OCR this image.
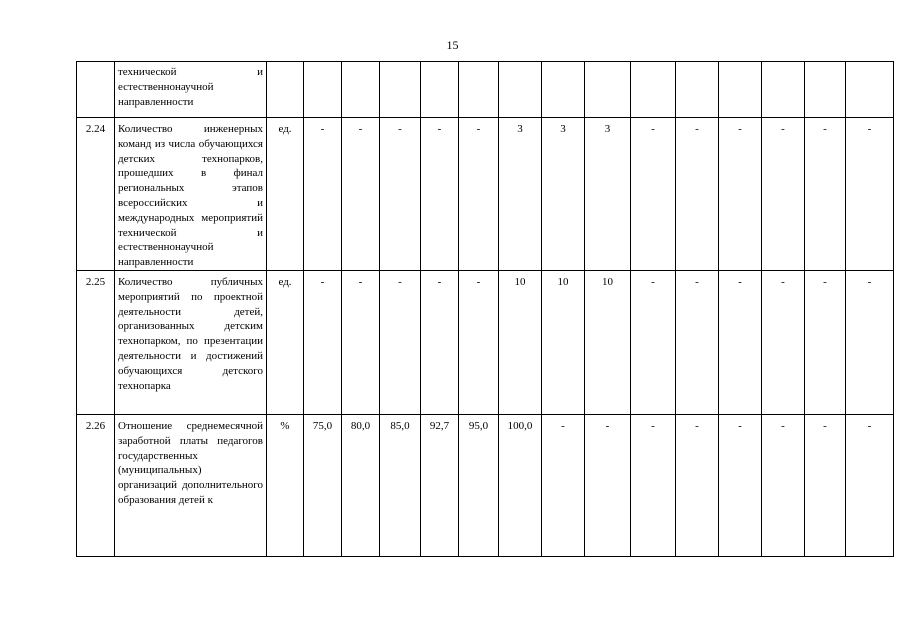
15
	технической и естественнонаучной направленности															
2.24	Количество инженерных команд из числа обучающихся детских технопарков, прошедших в финал региональных этапов всероссийских и международных мероприятий технической и естественнонаучной направленности	ед.	-	-	-	-	-	3	3	3	-	-	-	-	-	-
2.25	Количество публичных мероприятий по проектной деятельности детей, организованных детским технопарком, по презентации деятельности и достижений обучающихся детского технопарка	ед.	-	-	-	-	-	10	10	10	-	-	-	-	-	-
2.26	Отношение среднемесячной заработной платы педагогов государственных (муниципальных) организаций дополнительного образования детей к	%	75,0	80,0	85,0	92,7	95,0	100,0	-	-	-	-	-	-	-	-
